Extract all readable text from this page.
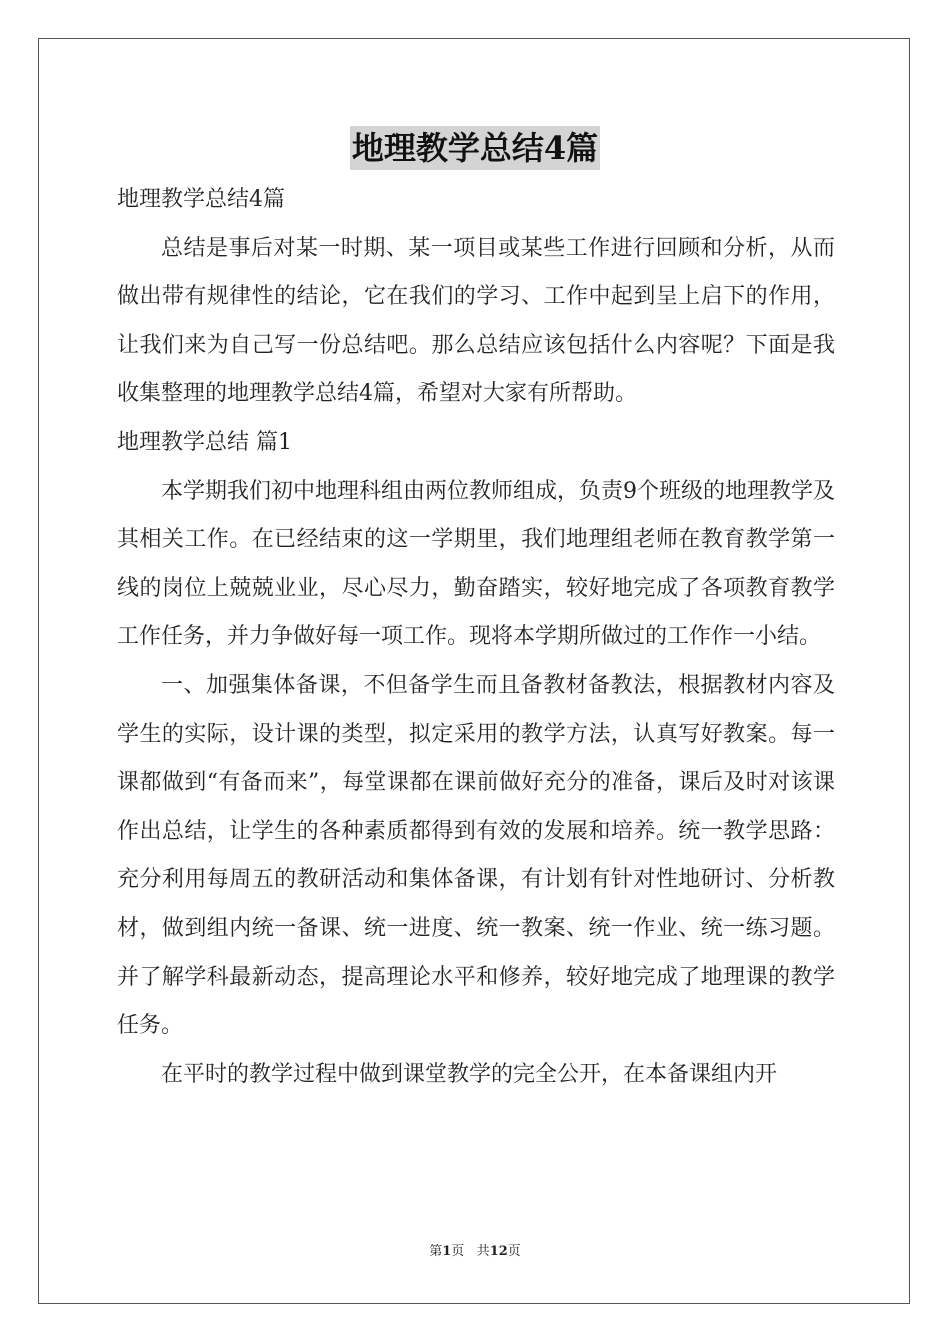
地理教学总结4篇

地理教学总结4篇

总结是事后对某一时期、某一项目或某些工作进行回顾和分析，从而做出带有规律性的结论，它在我们的学习、工作中起到呈上启下的作用，让我们来为自己写一份总结吧。那么总结应该包括什么内容呢？下面是我收集整理的地理教学总结4篇，希望对大家有所帮助。

地理教学总结 篇1

本学期我们初中地理科组由两位教师组成，负责9个班级的地理教学及其相关工作。在已经结束的这一学期里，我们地理组老师在教育教学第一线的岗位上兢兢业业，尽心尽力，勤奋踏实，较好地完成了各项教育教学工作任务，并力争做好每一项工作。现将本学期所做过的工作作一小结。

一、加强集体备课，不但备学生而且备教材备教法，根据教材内容及学生的实际，设计课的类型，拟定采用的教学方法，认真写好教案。每一课都做到“有备而来”，每堂课都在课前做好充分的准备，课后及时对该课作出总结，让学生的各种素质都得到有效的发展和培养。统一教学思路：充分利用每周五的教研活动和集体备课，有计划有针对性地研讨、分析教材，做到组内统一备课、统一进度、统一教案、统一作业、统一练习题。并了解学科最新动态，提高理论水平和修养，较好地完成了地理课的教学任务。

在平时的教学过程中做到课堂教学的完全公开，在本备课组内开

第1页 共12页
